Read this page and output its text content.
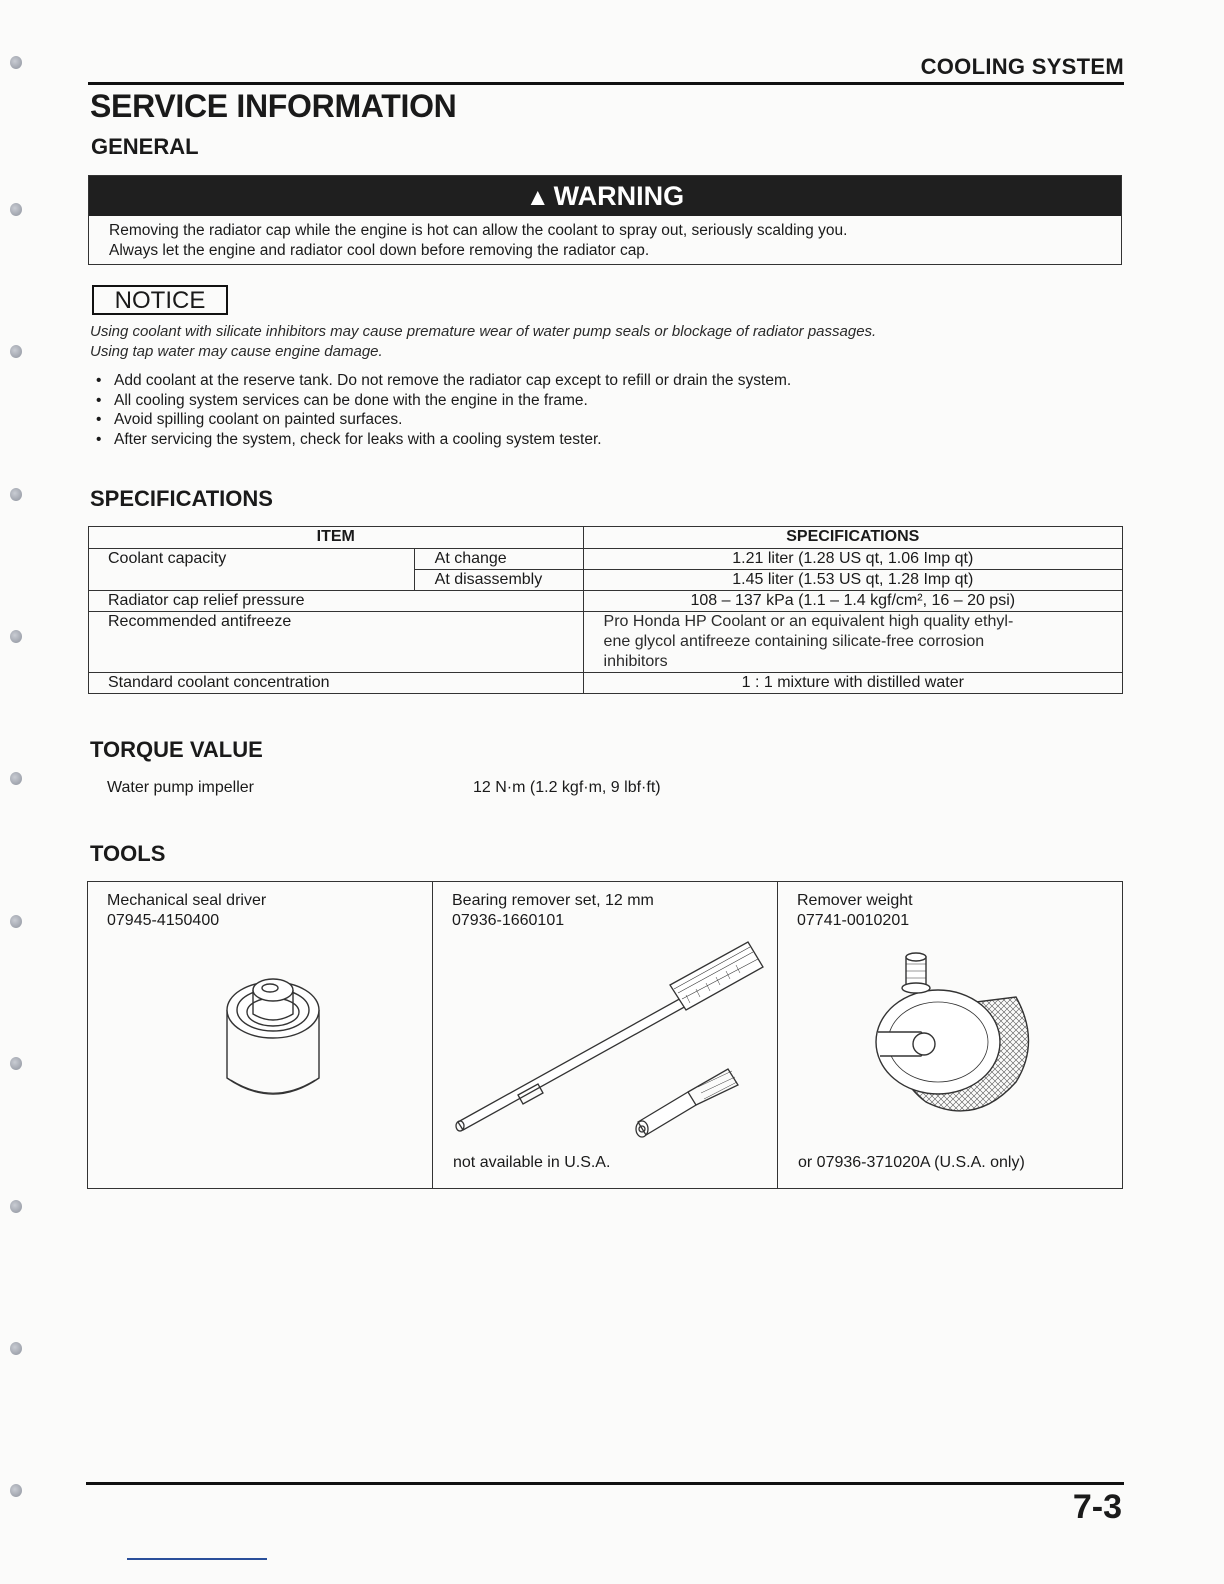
COOLING SYSTEM
SERVICE INFORMATION
GENERAL
▲ WARNING
Removing the radiator cap while the engine is hot can allow the coolant to spray out, seriously scalding you.
Always let the engine and radiator cool down before removing the radiator cap.
NOTICE
Using coolant with silicate inhibitors may cause premature wear of water pump seals or blockage of radiator passages.
Using tap water may cause engine damage.
• Add coolant at the reserve tank. Do not remove the radiator cap except to refill or drain the system.
• All cooling system services can be done with the engine in the frame.
• Avoid spilling coolant on painted surfaces.
• After servicing the system, check for leaks with a cooling system tester.
SPECIFICATIONS
ITEM		SPECIFICATIONS
Coolant capacity	At change	1.21 liter (1.28 US qt, 1.06 Imp qt)
	At disassembly	1.45 liter (1.53 US qt, 1.28 Imp qt)
Radiator cap relief pressure		108 – 137 kPa (1.1 – 1.4 kgf/cm², 16 – 20 psi)
Recommended antifreeze		Pro Honda HP Coolant or an equivalent high quality ethyl-
ene glycol antifreeze containing silicate-free corrosion
inhibitors

Standard coolant concentration		1 : 1 mixture with distilled water
TORQUE VALUE
Water pump impeller	12 N·m (1.2 kgf·m, 9 lbf·ft)
TOOLS
Mechanical seal driver
07945-4150400
Bearing remover set, 12 mm
07936-1660101
not available in U.S.A.
Remover weight
07741-0010201
or 07936-371020A (U.S.A. only)
7-3
